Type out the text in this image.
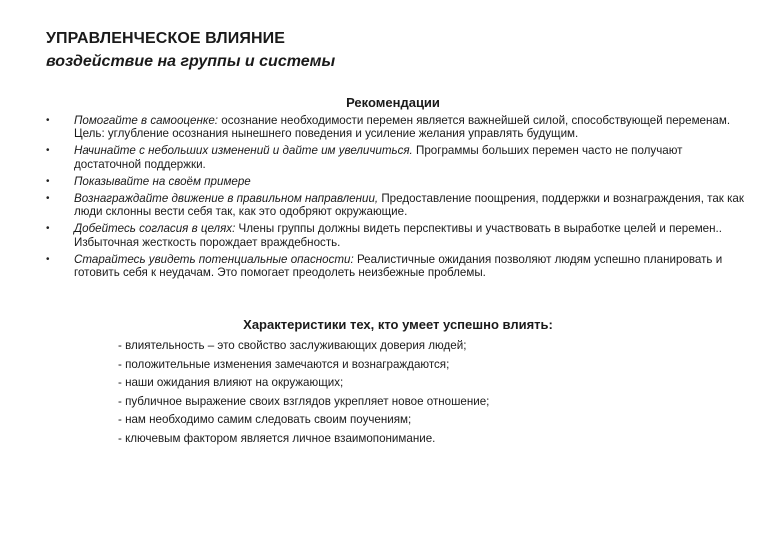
УПРАВЛЕНЧЕСКОЕ ВЛИЯНИЕ
воздействие на группы и системы
Рекомендации
• Помогайте в самооценке: осознание необходимости перемен является важнейшей силой, способствующей переменам. Цель: углубление осознания нынешнего поведения и усиление желания управлять будущим.
• Начинайте с небольших изменений и дайте им увеличиться. Программы больших перемен часто не получают достаточной поддержки.
• Показывайте на своём примере
• Вознаграждайте движение в правильном направлении, Предоставление поощрения, поддержки и вознаграждения, так как люди склонны вести себя так, как это одобряют окружающие.
• Добейтесь согласия в целях: Члены группы должны видеть перспективы и участвовать в выработке целей и перемен.. Избыточная жесткость порождает враждебность.
• Старайтесь увидеть потенциальные опасности: Реалистичные ожидания позволяют людям успешно планировать и готовить себя к неудачам. Это помогает преодолеть неизбежные проблемы.
Характеристики тех, кто умеет успешно влиять:
- влиятельность – это свойство заслуживающих доверия людей;
- положительные изменения замечаются и вознаграждаются;
- наши ожидания влияют на окружающих;
- публичное выражение своих взглядов укрепляет новое отношение;
- нам необходимо самим следовать своим поучениям;
- ключевым фактором является личное взаимопонимание.
